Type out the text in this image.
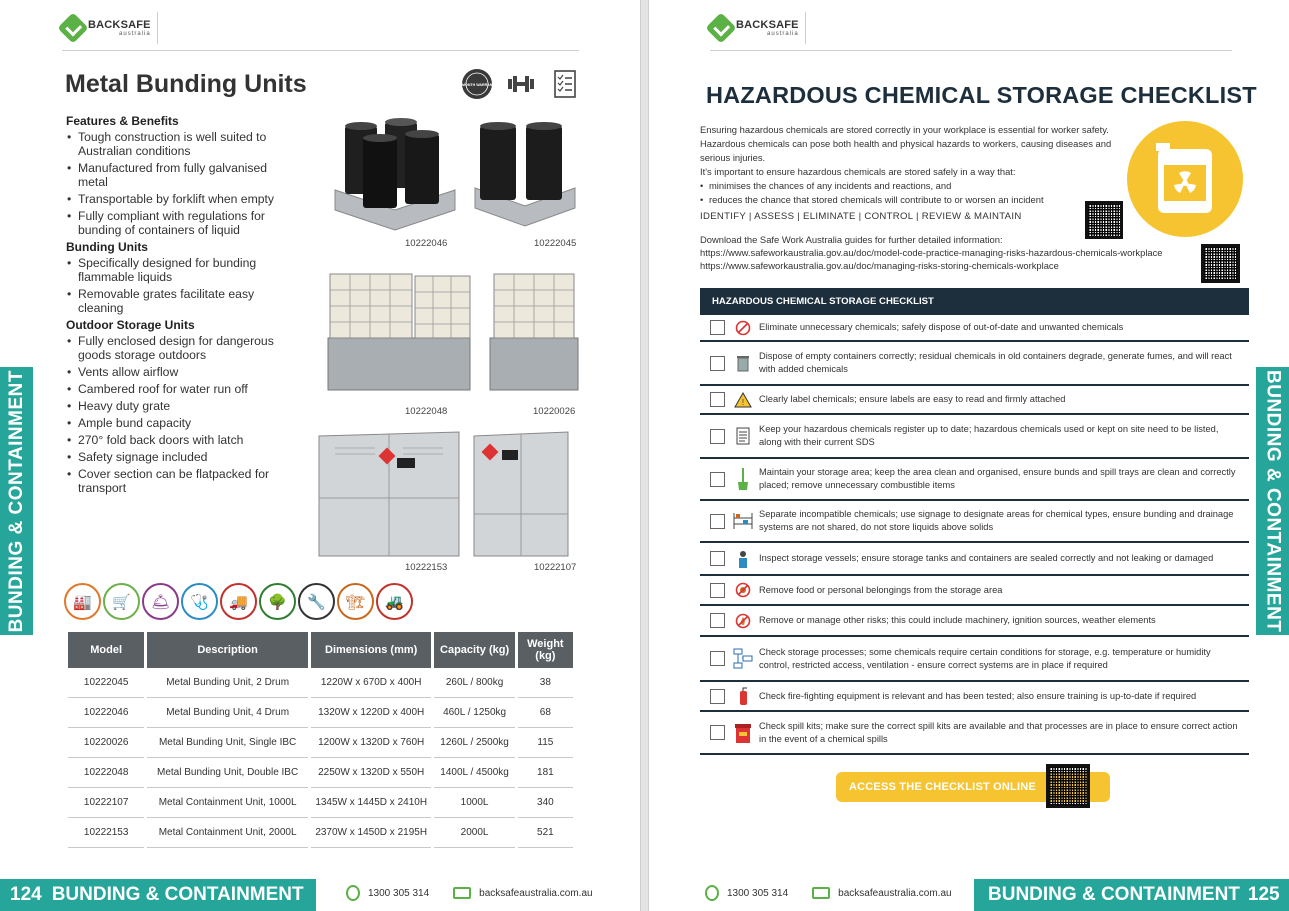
BACKSAFE
australia
Metal Bunding Units	12 MONTH WARRANTY
Features & Benefits
• Tough construction is well suited to Australian conditions
• Manufactured from fully galvanised metal
• Transportable by forklift when empty
• Fully compliant with regulations for bunding of containers of liquid
Bunding Units
• Specifically designed for bunding flammable liquids
• Removable grates facilitate easy cleaning
Outdoor Storage Units
• Fully enclosed design for dangerous goods storage outdoors
• Vents allow airflow
• Cambered roof for water run off
• Heavy duty grate
• Ample bund capacity
• 270° fold back doors with latch
• Safety signage included
• Cover section can be flatpacked for transport
10222046	10222045
10222048	10220026
10222153	10222107
🏭	🛒	🛎	🩺	🚚	🌳	🔧	🏗	🚜
Model	Description	Dimensions (mm)	Capacity (kg)	Weight (kg)
10222045	Metal Bunding Unit, 2 Drum	1220W x 670D x 400H	260L / 800kg	38
10222046	Metal Bunding Unit, 4 Drum	1320W x 1220D x 400H	460L / 1250kg	68
10220026	Metal Bunding Unit, Single IBC	1200W x 1320D x 760H	1260L / 2500kg	115
10222048	Metal Bunding Unit, Double IBC	2250W x 1320D x 550H	1400L / 4500kg	181
10222107	Metal Containment Unit, 1000L	1345W x 1445D x 2410H	1000L	340
10222153	Metal Containment Unit, 2000L	2370W x 1450D x 2195H	2000L	521
BUNDING & CONTAINMENT
124 BUNDING & CONTAINMENT	1300 305 314	backsafeaustralia.com.au
BACKSAFE
australia
HAZARDOUS CHEMICAL STORAGE CHECKLIST

Ensuring hazardous chemicals are stored correctly in your workplace is essential for worker safety.

Hazardous chemicals can pose both health and physical hazards to workers, causing diseases and serious injuries.

It's important to ensure hazardous chemicals are stored safely in a way that:

• minimises the chances of any incidents and reactions, and
• reduces the chance that stored chemicals will contribute to or worsen an incident
IDENTIFY | ASSESS | ELIMINATE | CONTROL | REVIEW & MAINTAIN
Download the Safe Work Australia guides for further detailed information:
https://www.safeworkaustralia.gov.au/doc/model-code-practice-managing-risks-hazardous-chemicals-workplace
https://www.safeworkaustralia.gov.au/doc/managing-risks-storing-chemicals-workplace
HAZARDOUS CHEMICAL STORAGE CHECKLIST
Eliminate unnecessary chemicals; safely dispose of out-of-date and unwanted chemicals
Dispose of empty containers correctly; residual chemicals in old containers degrade, generate fumes, and will react with added chemicals
! Clearly label chemicals; ensure labels are easy to read and firmly attached
Keep your hazardous chemicals register up to date; hazardous chemicals used or kept on site need to be listed, along with their current SDS
Maintain your storage area; keep the area clean and organised, ensure bunds and spill trays are clean and correctly placed; remove unnecessary combustible items
Separate incompatible chemicals; use signage to designate areas for chemical types, ensure bunding and drainage systems are not shared, do not store liquids above solids
Inspect storage vessels; ensure storage tanks and containers are sealed correctly and not leaking or damaged
Remove food or personal belongings from the storage area
Remove or manage other risks; this could include machinery, ignition sources, weather elements
Check storage processes; some chemicals require certain conditions for storage, e.g. temperature or humidity control, restricted access, ventilation - ensure correct systems are in place if required
Check fire-fighting equipment is relevant and has been tested; also ensure training is up-to-date if required
Check spill kits; make sure the correct spill kits are available and that processes are in place to ensure correct action in the event of a chemical spills
BUNDING & CONTAINMENT
1300 305 314	backsafeaustralia.com.au BUNDING & CONTAINMENT 125
ACCESS THE CHECKLIST ONLINE
